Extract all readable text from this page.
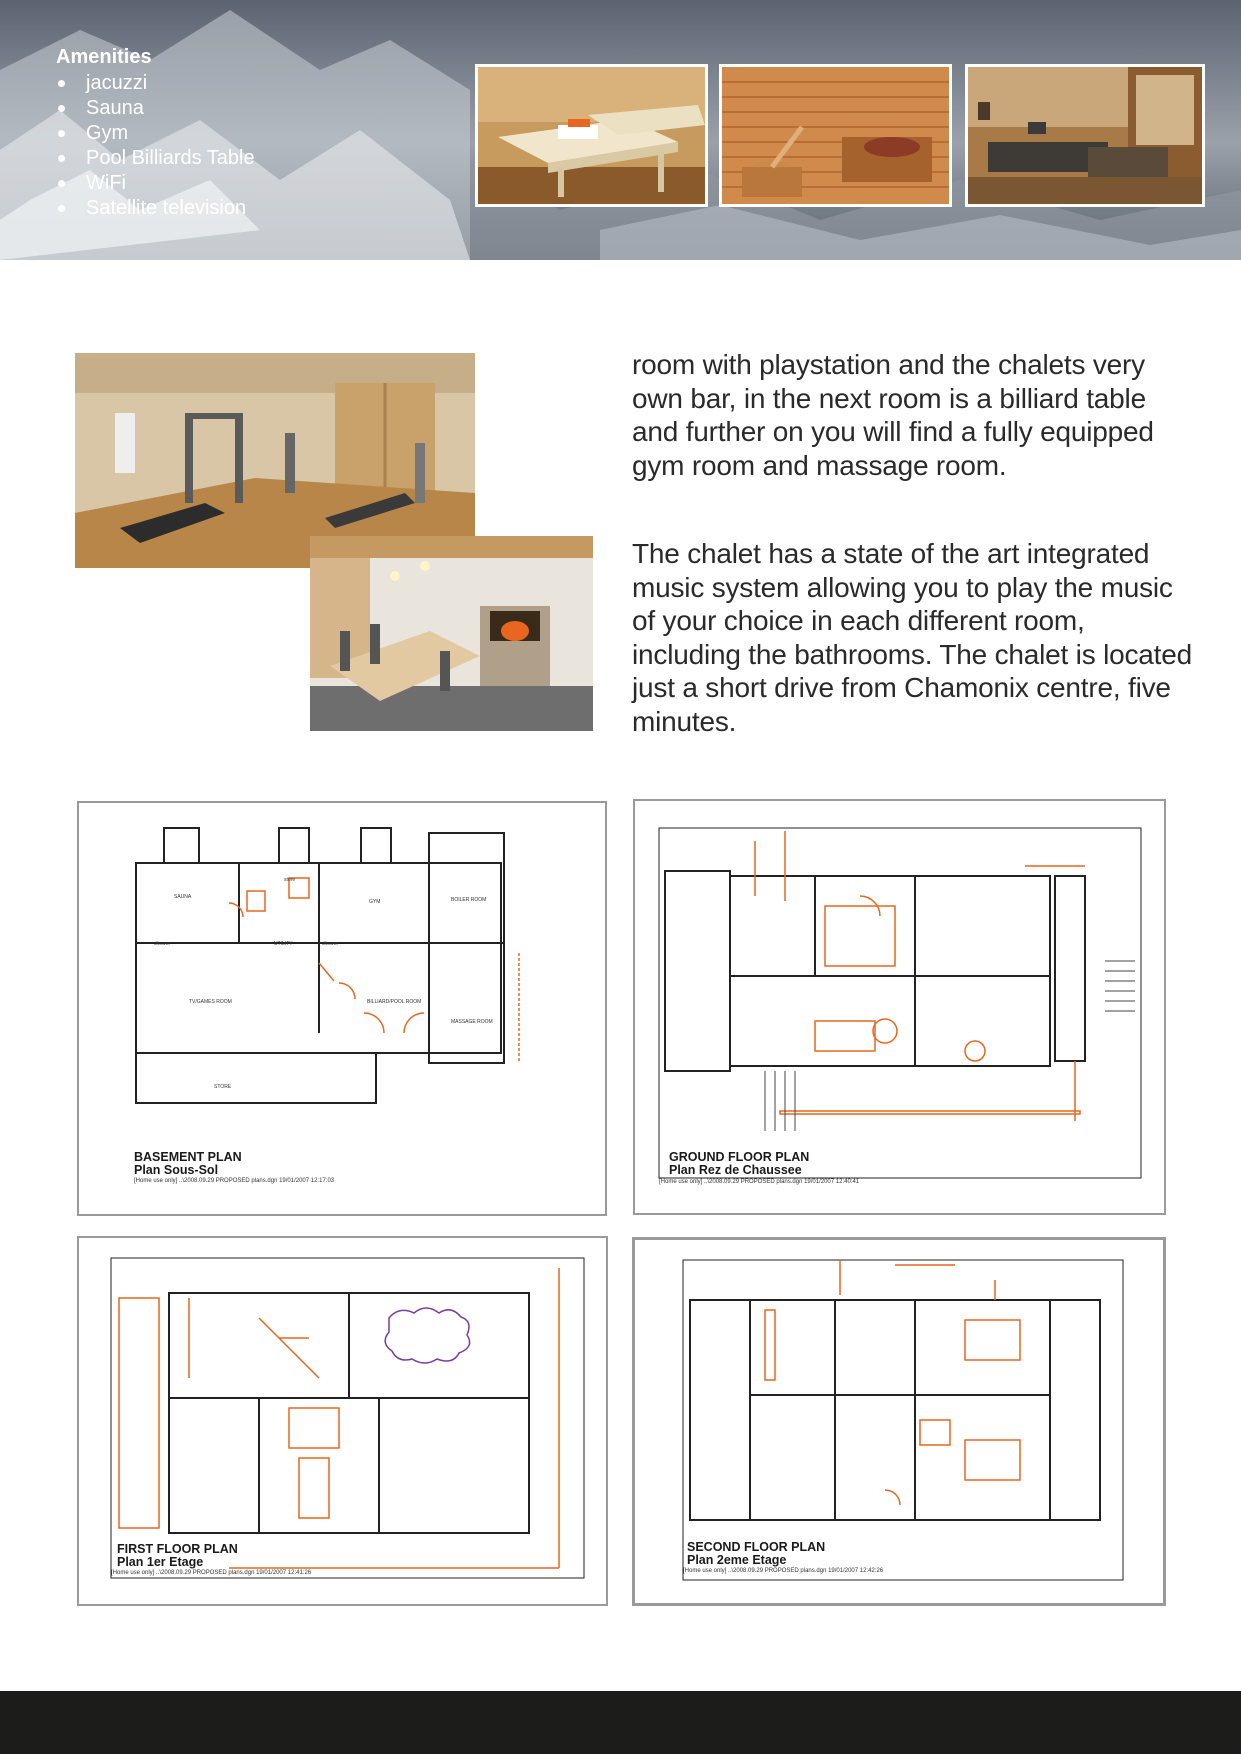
Amenities
jacuzzi
Sauna
Gym
Pool Billiards Table
WiFi
Satellite television

room with playstation and the chalets very own bar, in the next room is a billiard table and further on you will find a fully equipped gym room and massage room.

The chalet has a state of the art integrated music system allowing you to play the music of your choice in each different room, including the bathrooms. The chalet is located just a short drive from Chamonix centre, five minutes.

SAUNA
GYM	BOILER ROOM
TV/GAMES ROOM	BILLIARD/POOL ROOM
MASSAGE ROOM
STORE
UTILITY
shower	shower
store
BASEMENT PLAN
Plan Sous-Sol
[Home use only] ..\2008.09.29 PROPOSED plans.dgn 19/01/2007 12:17:03
GROUND FLOOR PLAN
Plan Rez de Chaussee
[Home use only] ..\2008.09.29 PROPOSED plans.dgn 19/01/2007 12:40:41
FIRST FLOOR PLAN
Plan 1er Etage
[Home use only] ..\2008.09.29 PROPOSED plans.dgn 19/01/2007 12:41:26
SECOND FLOOR PLAN
Plan 2eme Etage
[Home use only] ..\2008.09.29 PROPOSED plans.dgn 19/01/2007 12:42:26
